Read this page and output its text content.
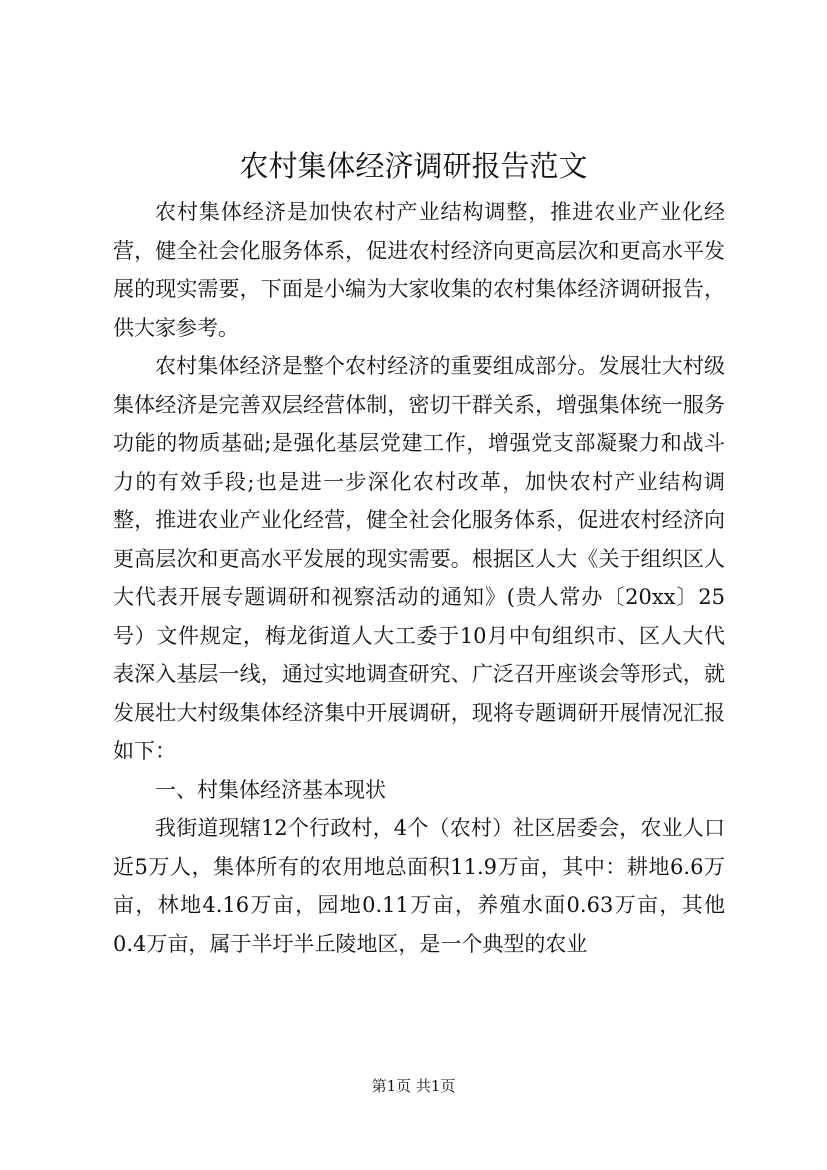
农村集体经济调研报告范文

农村集体经济是加快农村产业结构调整，推进农业产业化经营，健全社会化服务体系，促进农村经济向更高层次和更高水平发展的现实需要，下面是小编为大家收集的农村集体经济调研报告，供大家参考。

农村集体经济是整个农村经济的重要组成部分。发展壮大村级集体经济是完善双层经营体制，密切干群关系，增强集体统一服务功能的物质基础;是强化基层党建工作，增强党支部凝聚力和战斗力的有效手段;也是进一步深化农村改革，加快农村产业结构调整，推进农业产业化经营，健全社会化服务体系，促进农村经济向更高层次和更高水平发展的现实需要。根据区人大《关于组织区人大代表开展专题调研和视察活动的通知》(贵人常办〔20xx〕25号）文件规定，梅龙街道人大工委于10月中旬组织市、区人大代表深入基层一线，通过实地调查研究、广泛召开座谈会等形式，就发展壮大村级集体经济集中开展调研，现将专题调研开展情况汇报如下：

一、村集体经济基本现状

我街道现辖12个行政村，4个（农村）社区居委会，农业人口近5万人，集体所有的农用地总面积11.9万亩，其中：耕地6.6万亩，林地4.16万亩，园地0.11万亩，养殖水面0.63万亩，其他0.4万亩，属于半圩半丘陵地区，是一个典型的农业

第1页 共1页
